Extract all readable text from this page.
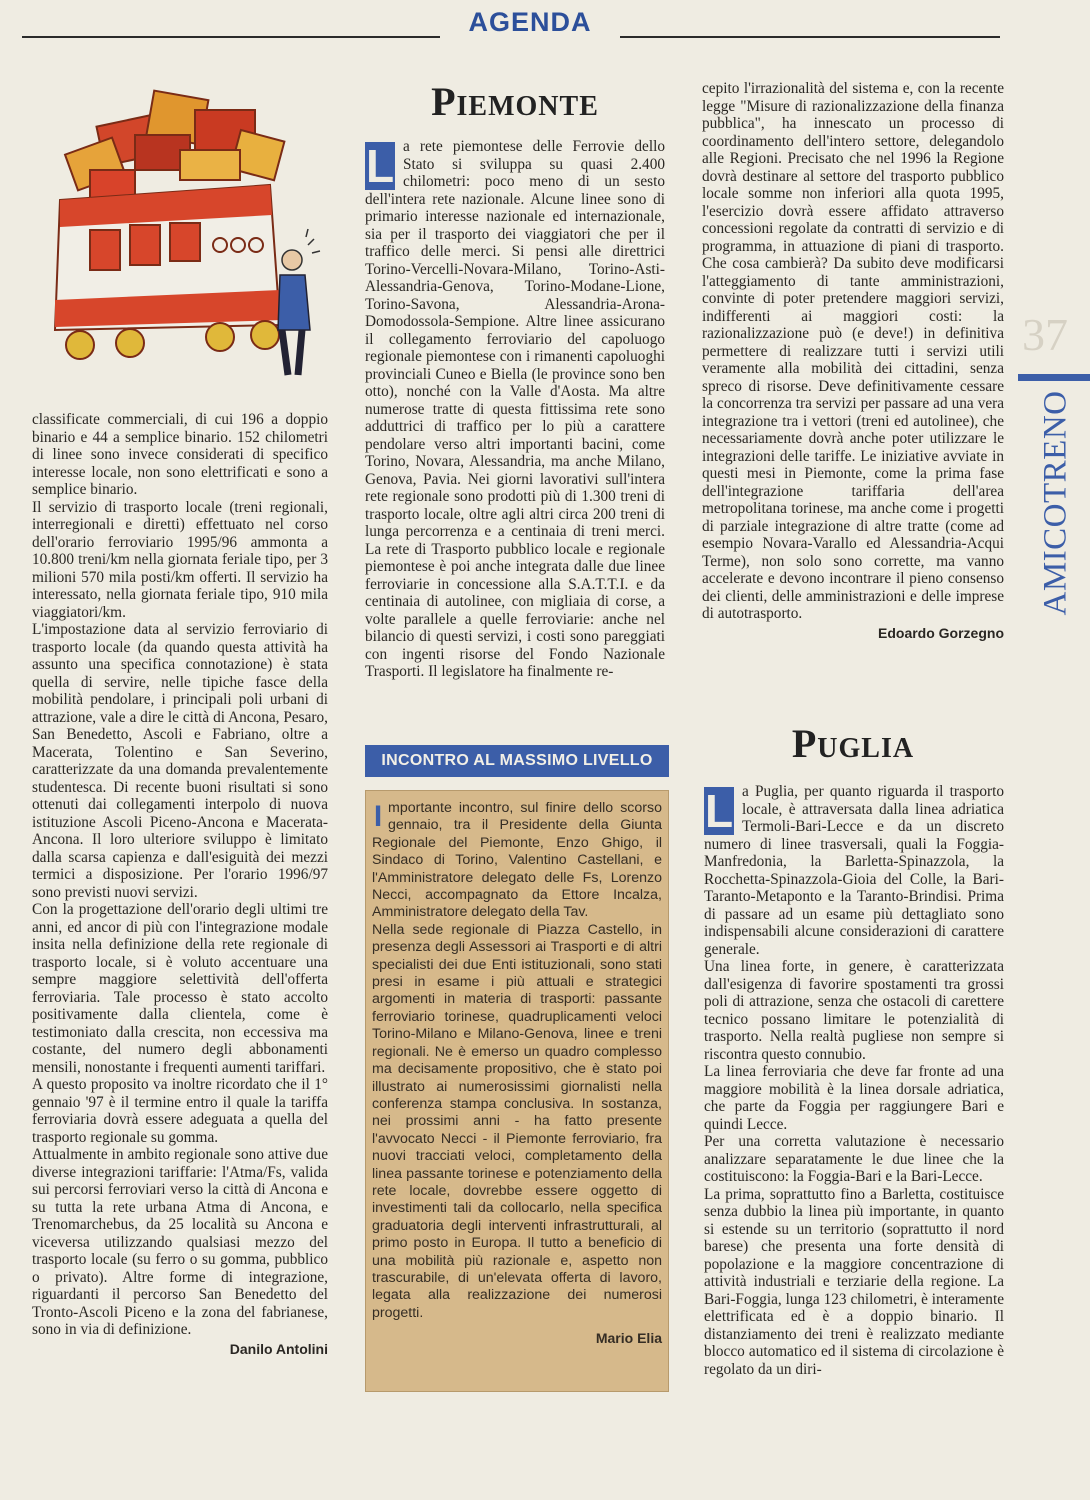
AGENDA

classificate commerciali, di cui 196 a doppio binario e 44 a semplice binario. 152 chilometri di linee sono invece considerati di specifico interesse locale, non sono elettrificati e sono a semplice binario.

Il servizio di trasporto locale (treni regionali, interregionali e diretti) effettuato nel corso dell'orario ferroviario 1995/96 ammonta a 10.800 treni/km nella giornata feriale tipo, per 3 milioni 570 mila posti/km offerti. Il servizio ha interessato, nella giornata feriale tipo, 910 mila viaggiatori/km.

L'impostazione data al servizio ferroviario di trasporto locale (da quando questa attività ha assunto una specifica connotazione) è stata quella di servire, nelle tipiche fasce della mobilità pendolare, i principali poli urbani di attrazione, vale a dire le città di Ancona, Pesaro, San Benedetto, Ascoli e Fabriano, oltre a Macerata, Tolentino e San Severino, caratterizzate da una domanda prevalentemente studentesca. Di recente buoni risultati si sono ottenuti dai collegamenti interpolo di nuova istituzione Ascoli Piceno-Ancona e Macerata-Ancona. Il loro ulteriore sviluppo è limitato dalla scarsa capienza e dall'esiguità dei mezzi termici a disposizione. Per l'orario 1996/97 sono previsti nuovi servizi.

Con la progettazione dell'orario degli ultimi tre anni, ed ancor di più con l'integrazione modale insita nella definizione della rete regionale di trasporto locale, si è voluto accentuare una sempre maggiore selettività dell'offerta ferroviaria. Tale processo è stato accolto positivamente dalla clientela, come è testimoniato dalla crescita, non eccessiva ma costante, del numero degli abbonamenti mensili, nonostante i frequenti aumenti tariffari.

A questo proposito va inoltre ricordato che il 1° gennaio '97 è il termine entro il quale la tariffa ferroviaria dovrà essere adeguata a quella del trasporto regionale su gomma.

Attualmente in ambito regionale sono attive due diverse integrazioni tariffarie: l'Atma/Fs, valida sui percorsi ferroviari verso la città di Ancona e su tutta la rete urbana Atma di Ancona, e Trenomarchebus, da 25 località su Ancona e viceversa utilizzando qualsiasi mezzo del trasporto locale (su ferro o su gomma, pubblico o privato). Altre forme di integrazione, riguardanti il percorso San Benedetto del Tronto-Ascoli Piceno e la zona del fabrianese, sono in via di definizione.

Danilo Antolini
Piemonte

L a rete piemontese delle Ferrovie dello Stato si sviluppa su quasi 2.400 chilometri: poco meno di un sesto dell'intera rete nazionale. Alcune linee sono di primario interesse nazionale ed internazionale, sia per il trasporto dei viaggiatori che per il traffico delle merci. Si pensi alle direttrici Torino-Vercelli-Novara-Milano, Torino-Asti-Alessandria-Genova, Torino-Modane-Lione, Torino-Savona, Alessandria-Arona-Domodossola-Sempione. Altre linee assicurano il collegamento ferroviario del capoluogo regionale piemontese con i rimanenti capoluoghi provinciali Cuneo e Biella (le province sono ben otto), nonché con la Valle d'Aosta. Ma altre numerose tratte di questa fittissima rete sono adduttrici di traffico per lo più a carattere pendolare verso altri importanti bacini, come Torino, Novara, Alessandria, ma anche Milano, Genova, Pavia. Nei giorni lavorativi sull'intera rete regionale sono prodotti più di 1.300 treni di trasporto locale, oltre agli altri circa 200 treni di lunga percorrenza e a centinaia di treni merci. La rete di Trasporto pubblico locale e regionale piemontese è poi anche integrata dalle due linee ferroviarie in concessione alla S.A.T.T.I. e da centinaia di autolinee, con migliaia di corse, a volte parallele a quelle ferroviarie: anche nel bilancio di questi servizi, i costi sono pareggiati con ingenti risorse del Fondo Nazionale Trasporti. Il legislatore ha finalmente re-

INCONTRO AL MASSIMO LIVELLO

Importante incontro, sul finire dello scorso gennaio, tra il Presidente della Giunta Regionale del Piemonte, Enzo Ghigo, il Sindaco di Torino, Valentino Castellani, e l'Amministratore delegato delle Fs, Lorenzo Necci, accompagnato da Ettore Incalza, Amministratore delegato della Tav.

Nella sede regionale di Piazza Castello, in presenza degli Assessori ai Trasporti e di altri specialisti dei due Enti istituzionali, sono stati presi in esame i più attuali e strategici argomenti in materia di trasporti: passante ferroviario torinese, quadruplicamenti veloci Torino-Milano e Milano-Genova, linee e treni regionali. Ne è emerso un quadro complesso ma decisamente propositivo, che è stato poi illustrato ai numerosissimi giornalisti nella conferenza stampa conclusiva. In sostanza, nei prossimi anni - ha fatto presente l'avvocato Necci - il Piemonte ferroviario, fra nuovi tracciati veloci, completamento della linea passante torinese e potenziamento della rete locale, dovrebbe essere oggetto di investimenti tali da collocarlo, nella specifica graduatoria degli interventi infrastrutturali, al primo posto in Europa. Il tutto a beneficio di una mobilità più razionale e, aspetto non trascurabile, di un'elevata offerta di lavoro, legata alla realizzazione dei numerosi progetti.

Mario Elia

cepito l'irrazionalità del sistema e, con la recente legge "Misure di razionalizzazione della finanza pubblica", ha innescato un processo di coordinamento dell'intero settore, delegandolo alle Regioni. Precisato che nel 1996 la Regione dovrà destinare al settore del trasporto pubblico locale somme non inferiori alla quota 1995, l'esercizio dovrà essere affidato attraverso concessioni regolate da contratti di servizio e di programma, in attuazione di piani di trasporto. Che cosa cambierà? Da subito deve modificarsi l'atteggiamento di tante amministrazioni, convinte di poter pretendere maggiori servizi, indifferenti ai maggiori costi: la razionalizzazione può (e deve!) in definitiva permettere di realizzare tutti i servizi utili veramente alla mobilità dei cittadini, senza spreco di risorse. Deve definitivamente cessare la concorrenza tra servizi per passare ad una vera integrazione tra i vettori (treni ed autolinee), che necessariamente dovrà anche poter utilizzare le integrazioni delle tariffe. Le iniziative avviate in questi mesi in Piemonte, come la prima fase dell'integrazione tariffaria dell'area metropolitana torinese, ma anche come i progetti di parziale integrazione di altre tratte (come ad esempio Novara-Varallo ed Alessandria-Acqui Terme), non solo sono corrette, ma vanno accelerate e devono incontrare il pieno consenso dei clienti, delle amministrazioni e delle imprese di autotrasporto.

Edoardo Gorzegno
Puglia

L a Puglia, per quanto riguarda il trasporto locale, è attraversata dalla linea adriatica Termoli-Bari-Lecce e da un discreto numero di linee trasversali, quali la Foggia-Manfredonia, la Barletta-Spinazzola, la Rocchetta-Spinazzola-Gioia del Colle, la Bari-Taranto-Metaponto e la Taranto-Brindisi. Prima di passare ad un esame più dettagliato sono indispensabili alcune considerazioni di carattere generale.

Una linea forte, in genere, è caratterizzata dall'esigenza di favorire spostamenti tra grossi poli di attrazione, senza che ostacoli di carettere tecnico possano limitare le potenzialità di trasporto. Nella realtà pugliese non sempre si riscontra questo connubio.

La linea ferroviaria che deve far fronte ad una maggiore mobilità è la linea dorsale adriatica, che parte da Foggia per raggiungere Bari e quindi Lecce.

Per una corretta valutazione è necessario analizzare separatamente le due linee che la costituiscono: la Foggia-Bari e la Bari-Lecce.

La prima, soprattutto fino a Barletta, costituisce senza dubbio la linea più importante, in quanto si estende su un territorio (soprattutto il nord barese) che presenta una forte densità di popolazione e la maggiore concentrazione di attività industriali e terziarie della regione. La Bari-Foggia, lunga 123 chilometri, è interamente elettrificata ed è a doppio binario. Il distanziamento dei treni è realizzato mediante blocco automatico ed il sistema di circolazione è regolato da un diri-

37
AMICOTRENO
